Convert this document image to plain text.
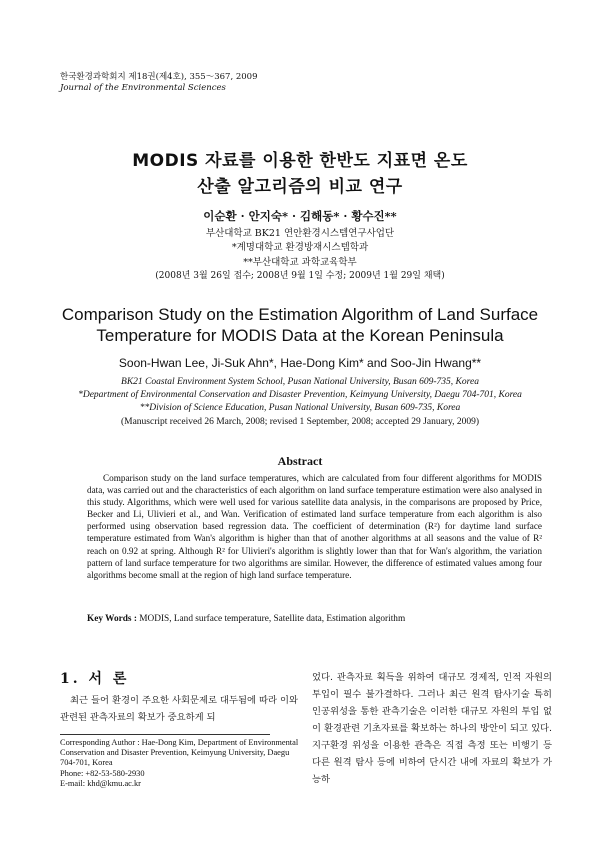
한국환경과학회지 제18권(제4호), 355～367, 2009
Journal of the Environmental Sciences
MODIS 자료를 이용한 한반도 지표면 온도
산출 알고리즘의 비교 연구
이순환 · 안지숙* · 김해동* · 황수진**
부산대학교 BK21 연안환경시스템연구사업단
*계명대학교 환경방재시스템학과
**부산대학교 과학교육학부
(2008년 3월 26일 접수; 2008년 9월 1일 수정; 2009년 1월 29일 채택)
Comparison Study on the Estimation Algorithm of Land Surface
Temperature for MODIS Data at the Korean Peninsula
Soon-Hwan Lee, Ji-Suk Ahn*, Hae-Dong Kim* and Soo-Jin Hwang**
BK21 Coastal Environment System School, Pusan National University, Busan 609-735, Korea
*Department of Environmental Conservation and Disaster Prevention, Keimyung University, Daegu 704-701, Korea
**Division of Science Education, Pusan National University, Busan 609-735, Korea
(Manuscript received 26 March, 2008; revised 1 September, 2008; accepted 29 January, 2009)
Abstract
Comparison study on the land surface temperatures, which are calculated from four different algorithms for MODIS data, was carried out and the characteristics of each algorithm on land surface temperature estimation were also analysed in this study. Algorithms, which were well used for various satellite data analysis, in the comparisons are proposed by Price, Becker and Li, Ulivieri et al., and Wan. Verification of estimated land surface temperature from each algorithm is also performed using observation based regression data. The coefficient of determination (R²) for daytime land surface temperature estimated from Wan's algorithm is higher than that of another algorithms at all seasons and the value of R² reach on 0.92 at spring. Although R² for Ulivieri's algorithm is slightly lower than that for Wan's algorithm, the variation pattern of land surface temperature for two algorithms are similar. However, the difference of estimated values among four algorithms become small at the region of high land surface temperature.
Key Words : MODIS, Land surface temperature, Satellite data, Estimation algorithm
1. 서 론
최근 들어 환경이 주요한 사회문제로 대두됨에 따라 이와 관련된 관측자료의 확보가 중요하게 되
었다. 관측자료 획득을 위하여 대규모 경제적, 인적 자원의 투입이 필수 불가결하다. 그러나 최근 원격 탐사기술 특히 인공위성을 통한 관측기술은 이러한 대규모 자원의 투입 없이 환경관련 기초자료를 확보하는 하나의 방안이 되고 있다. 지구환경 위성을 이용한 관측은 직접 측정 또는 비행기 등 다른 원격 탐사 등에 비하여 단시간 내에 자료의 확보가 가능하
Corresponding Author : Hae-Dong Kim, Department of Environmental Conservation and Disaster Prevention, Keimyung University, Daegu 704-701, Korea
Phone: +82-53-580-2930
E-mail: khd@kmu.ac.kr
